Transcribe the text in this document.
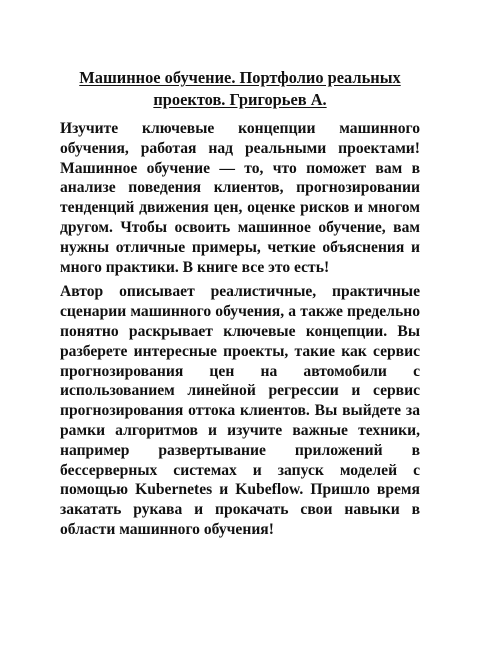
Машинное обучение. Портфолио реальных проектов. Григорьев А.

Изучите ключевые концепции машинного обучения, работая над реальными проектами! Машинное обучение — то, что поможет вам в анализе поведения клиентов, прогнозировании тенденций движения цен, оценке рисков и многом другом. Чтобы освоить машинное обучение, вам нужны отличные примеры, четкие объяснения и много практики. В книге все это есть!

Автор описывает реалистичные, практичные сценарии машинного обучения, а также предельно понятно раскрывает ключевые концепции. Вы разберете интересные проекты, такие как сервис прогнозирования цен на автомобили с использованием линейной регрессии и сервис прогнозирования оттока клиентов. Вы выйдете за рамки алгоритмов и изучите важные техники, например развертывание приложений в бессерверных системах и запуск моделей с помощью Kubernetes и Kubeflow. Пришло время закатать рукава и прокачать свои навыки в области машинного обучения!
